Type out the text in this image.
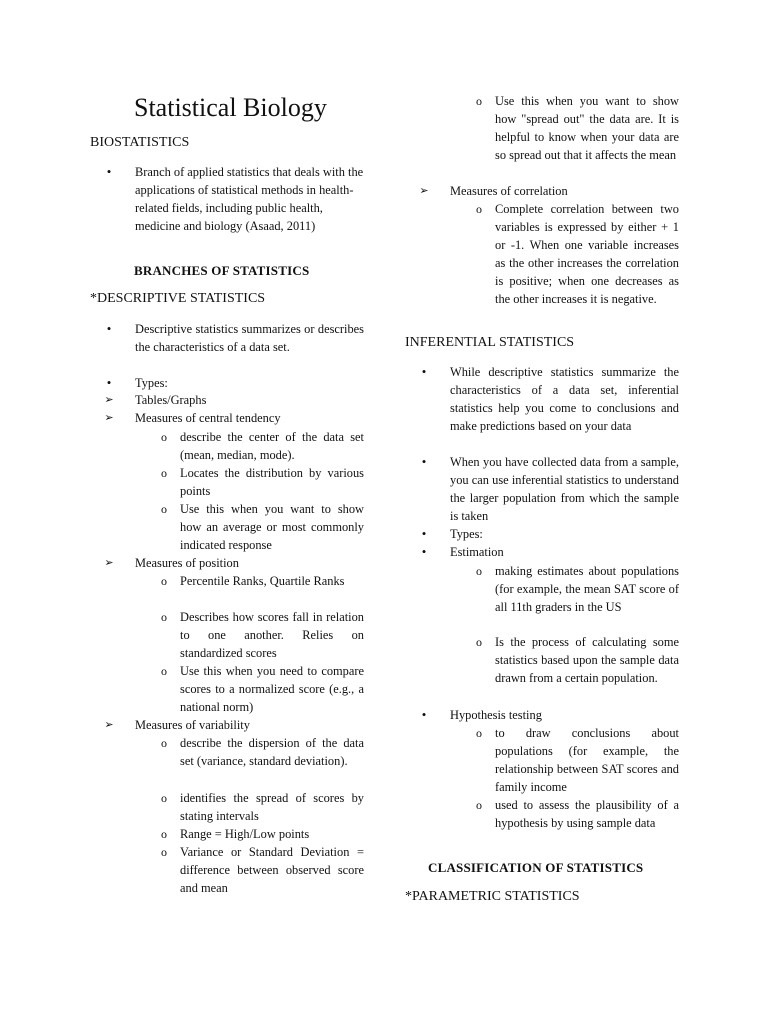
Statistical Biology
BIOSTATISTICS
•	Branch of applied statistics that deals with the applications of statistical methods in health-related fields, including public health, medicine and biology (Asaad, 2011)
BRANCHES OF STATISTICS
*DESCRIPTIVE STATISTICS
•	Descriptive statistics summarizes or describes the characteristics of a data set.
•	Types:
➢ Tables/Graphs
➢ Measures of central tendency
o	describe the center of the data set (mean, median, mode).
o	Locates the distribution by various points
o	Use this when you want to show how an average or most commonly indicated response
➢ Measures of position
o	Percentile Ranks, Quartile Ranks
o	Describes how scores fall in relation to one another. Relies on standardized scores
o	Use this when you need to compare scores to a normalized score (e.g., a national norm)
➢ Measures of variability
o	describe the dispersion of the data set (variance, standard deviation).
o	identifies the spread of scores by stating intervals
o	Range = High/Low points
o	Variance or Standard Deviation = difference between observed score and mean
o	Use this when you want to show how "spread out" the data are. It is helpful to know when your data are so spread out that it affects the mean
➢ Measures of correlation
o	Complete correlation between two variables is expressed by either + 1 or -1. When one variable increases as the other increases the correlation is positive; when one decreases as the other increases it is negative.
INFERENTIAL STATISTICS
•	While descriptive statistics summarize the characteristics of a data set, inferential statistics help you come to conclusions and make predictions based on your data
•	When you have collected data from a sample, you can use inferential statistics to understand the larger population from which the sample is taken
•	Types:
•	Estimation
o	making estimates about populations (for example, the mean SAT score of all 11th graders in the US
o	Is the process of calculating some statistics based upon the sample data drawn from a certain population.
•	Hypothesis testing
o	to draw conclusions about populations (for example, the relationship between SAT scores and family income
o	used to assess the plausibility of a hypothesis by using sample data
CLASSIFICATION OF STATISTICS
*PARAMETRIC STATISTICS
